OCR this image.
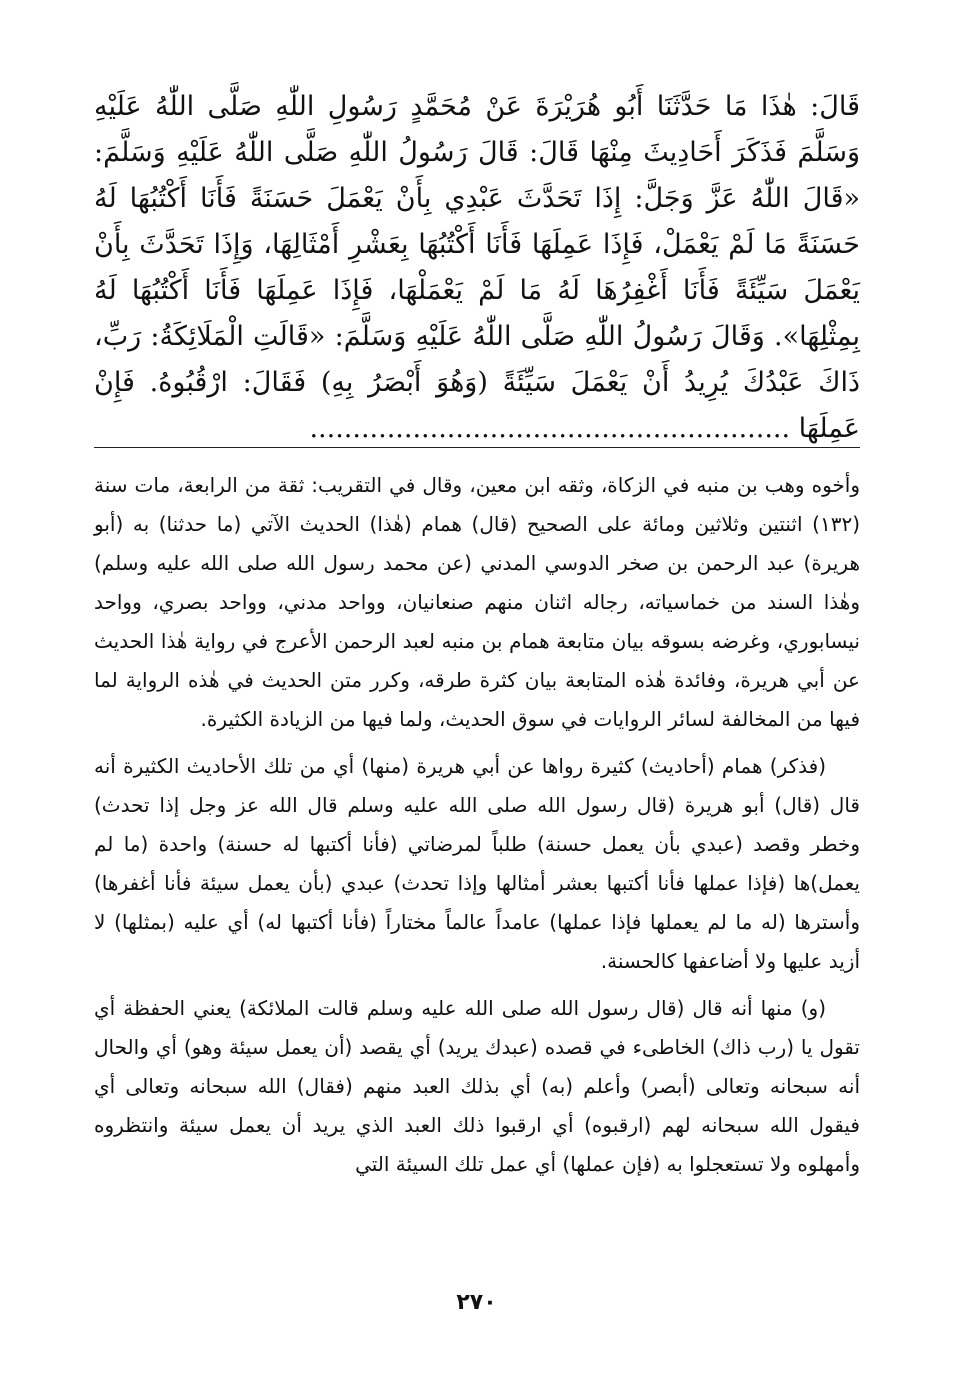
قَالَ: هٰذَا مَا حَدَّثَنَا أَبُو هُرَيْرَةَ عَنْ مُحَمَّدٍ رَسُولِ اللّٰهِ صَلَّى اللّٰهُ عَلَيْهِ وَسَلَّمَ فَذَكَرَ أَحَادِيثَ مِنْهَا قَالَ: قَالَ رَسُولُ اللّٰهِ صَلَّى اللّٰهُ عَلَيْهِ وَسَلَّمَ: «قَالَ اللّٰهُ عَزَّ وَجَلَّ: إِذَا تَحَدَّثَ عَبْدِي بِأَنْ يَعْمَلَ حَسَنَةً فَأَنَا أَكْتُبُهَا لَهُ حَسَنَةً مَا لَمْ يَعْمَلْ، فَإِذَا عَمِلَهَا فَأَنَا أَكْتُبُهَا بِعَشْرِ أَمْثَالِهَا، وَإِذَا تَحَدَّثَ بِأَنْ يَعْمَلَ سَيِّئَةً فَأَنَا أَغْفِرُهَا لَهُ مَا لَمْ يَعْمَلْهَا، فَإِذَا عَمِلَهَا فَأَنَا أَكْتُبُهَا لَهُ بِمِثْلِهَا». وَقَالَ رَسُولُ اللّٰهِ صَلَّى اللّٰهُ عَلَيْهِ وَسَلَّمَ: «قَالَتِ الْمَلَائِكَةُ: رَبِّ، ذَاكَ عَبْدُكَ يُرِيدُ أَنْ يَعْمَلَ سَيِّئَةً (وَهُوَ أَبْصَرُ بِهِ) فَقَالَ: ارْقُبُوهُ. فَإِنْ عَمِلَهَا ........................................................

وأخوه وهب بن منبه في الزكاة، وثقه ابن معين، وقال في التقريب: ثقة من الرابعة، مات سنة (١٣٢) اثنتين وثلاثين ومائة على الصحيح (قال) همام (هٰذا) الحديث الآتي (ما حدثنا) به (أبو هريرة) عبد الرحمن بن صخر الدوسي المدني (عن محمد رسول الله صلى الله عليه وسلم) وهٰذا السند من خماسياته، رجاله اثنان منهم صنعانيان، وواحد مدني، وواحد بصري، وواحد نيسابوري، وغرضه بسوقه بيان متابعة همام بن منبه لعبد الرحمن الأعرج في رواية هٰذا الحديث عن أبي هريرة، وفائدة هٰذه المتابعة بيان كثرة طرقه، وكرر متن الحديث في هٰذه الرواية لما فيها من المخالفة لسائر الروايات في سوق الحديث، ولما فيها من الزيادة الكثيرة.

(فذكر) همام (أحاديث) كثيرة رواها عن أبي هريرة (منها) أي من تلك الأحاديث الكثيرة أنه قال (قال) أبو هريرة (قال رسول الله صلى الله عليه وسلم قال الله عز وجل إذا تحدث) وخطر وقصد (عبدي بأن يعمل حسنة) طلباً لمرضاتي (فأنا أكتبها له حسنة) واحدة (ما لم يعمل)ها (فإذا عملها فأنا أكتبها بعشر أمثالها وإذا تحدث) عبدي (بأن يعمل سيئة فأنا أغفرها) وأسترها (له ما لم يعملها فإذا عملها) عامداً عالماً مختاراً (فأنا أكتبها له) أي عليه (بمثلها) لا أزيد عليها ولا أضاعفها كالحسنة.

(و) منها أنه قال (قال رسول الله صلى الله عليه وسلم قالت الملائكة) يعني الحفظة أي تقول يا (رب ذاك) الخاطىء في قصده (عبدك يريد) أي يقصد (أن يعمل سيئة وهو) أي والحال أنه سبحانه وتعالى (أبصر) وأعلم (به) أي بذلك العبد منهم (فقال) الله سبحانه وتعالى أي فيقول الله سبحانه لهم (ارقبوه) أي ارقبوا ذلك العبد الذي يريد أن يعمل سيئة وانتظروه وأمهلوه ولا تستعجلوا به (فإن عملها) أي عمل تلك السيئة التي

٢٧٠
